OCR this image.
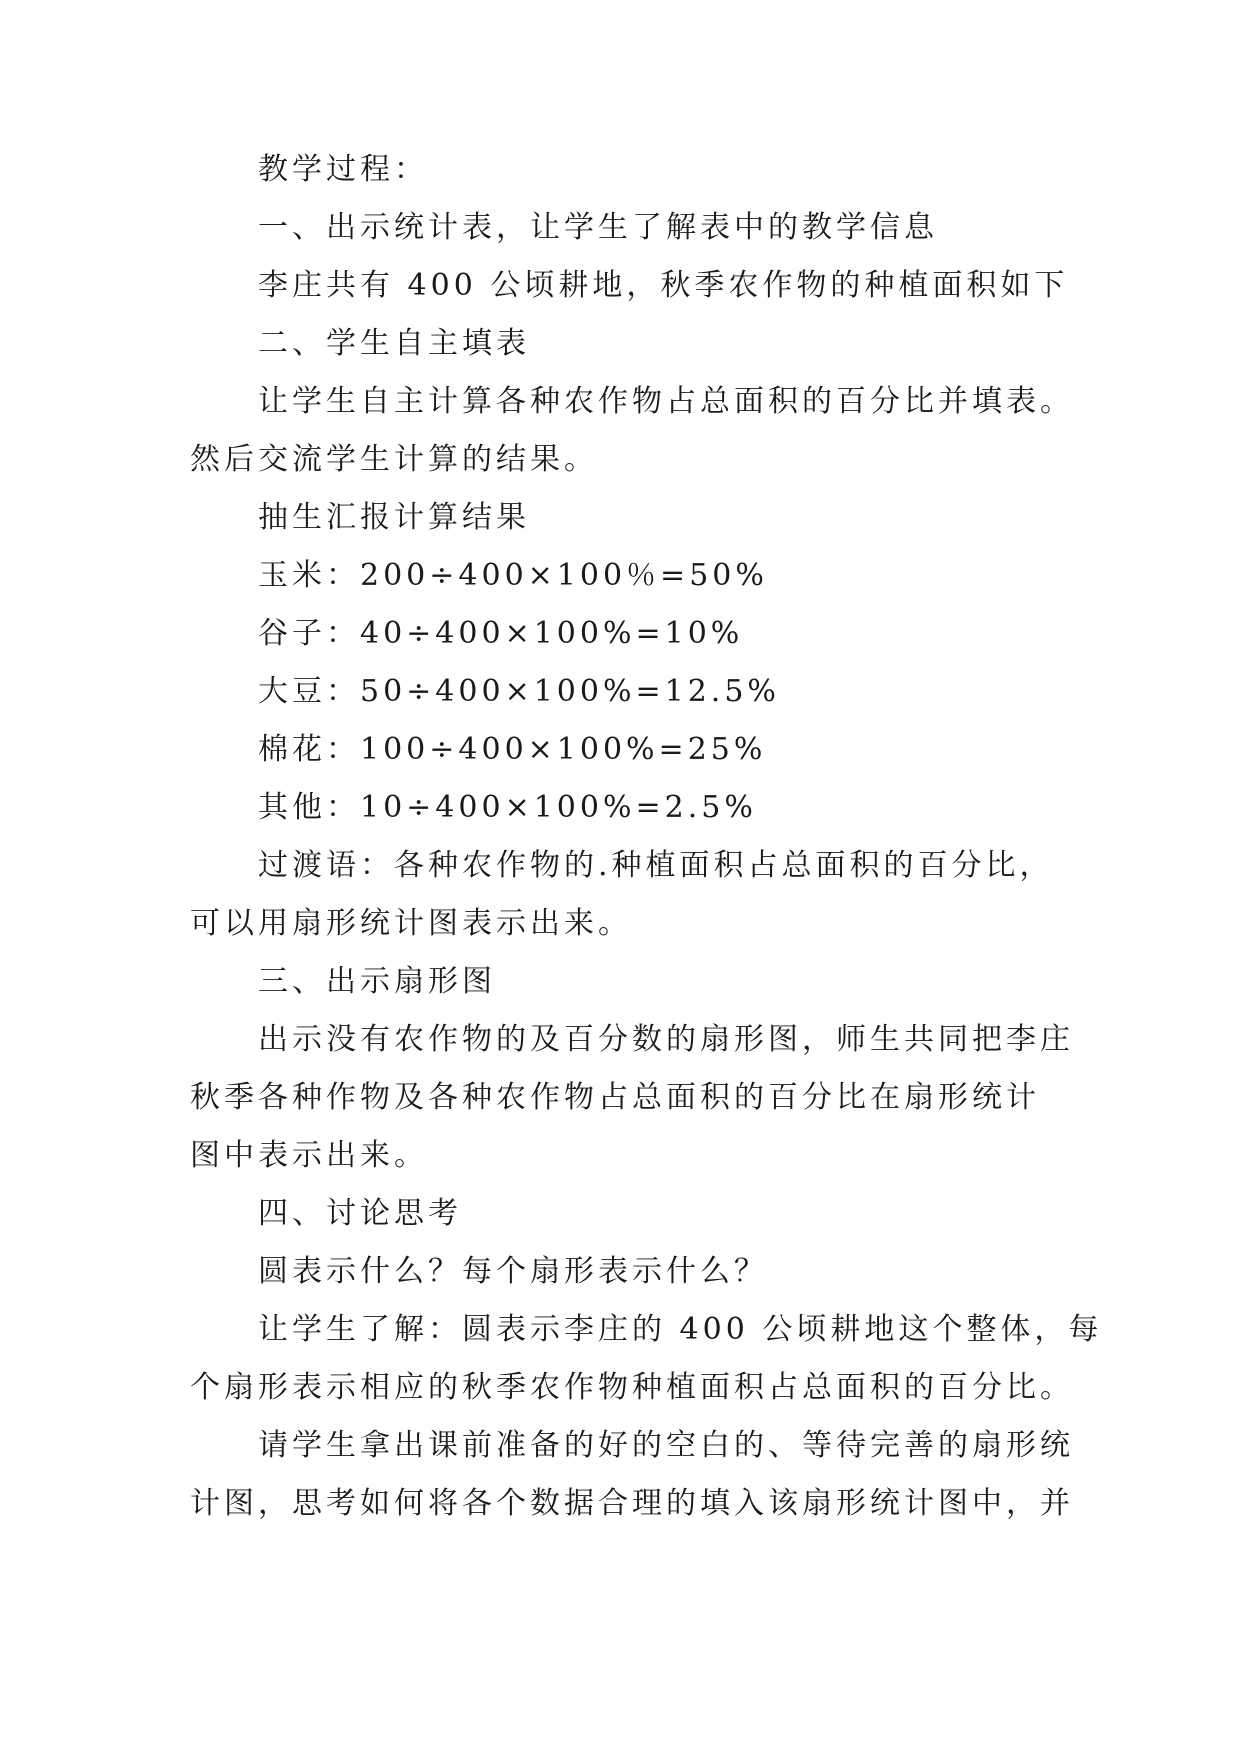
教学过程：
一、出示统计表，让学生了解表中的教学信息
李庄共有 400 公顷耕地，秋季农作物的种植面积如下
二、学生自主填表
让学生自主计算各种农作物占总面积的百分比并填表。
然后交流学生计算的结果。
抽生汇报计算结果
玉米：200÷400×100％=50%
谷子：40÷400×100%=10%
大豆：50÷400×100%=12.5%
棉花：100÷400×100%=25%
其他：10÷400×100%=2.5%
过渡语：各种农作物的.种植面积占总面积的百分比，
可以用扇形统计图表示出来。
三、出示扇形图
出示没有农作物的及百分数的扇形图，师生共同把李庄
秋季各种作物及各种农作物占总面积的百分比在扇形统计
图中表示出来。
四、讨论思考
圆表示什么？每个扇形表示什么？
让学生了解：圆表示李庄的 400 公顷耕地这个整体，每
个扇形表示相应的秋季农作物种植面积占总面积的百分比。
请学生拿出课前准备的好的空白的、等待完善的扇形统
计图，思考如何将各个数据合理的填入该扇形统计图中，并
